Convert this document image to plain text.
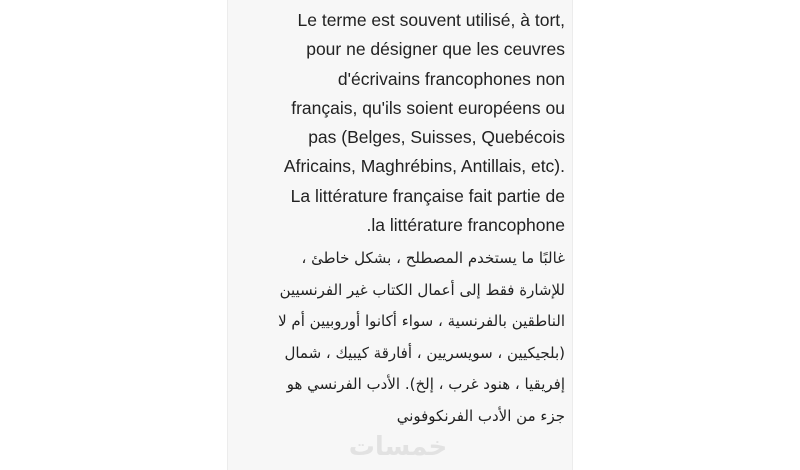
Le terme est souvent utilisé, à tort,
pour ne désigner que les ceuvres
d'écrivains francophones non
français, qu'ils soient européens ou
pas (Belges, Suisses, Quebécois
Africains, Maghrébins, Antillais, etc).
La littérature française fait partie de
.la littérature francophone
غالبًا ما يستخدم المصطلح ، بشكل خاطئ ،
للإشارة فقط إلى أعمال الكتاب غير الفرنسيين
الناطقين بالفرنسية ، سواء أكانوا أوروبيين أم لا
(بلجيكيين ، سويسريين ، أفارقة كيبيك ، شمال
إفريقيا ، هنود غرب ، إلخ). الأدب الفرنسي هو
جزء من الأدب الفرنكوفوني
خمسات
